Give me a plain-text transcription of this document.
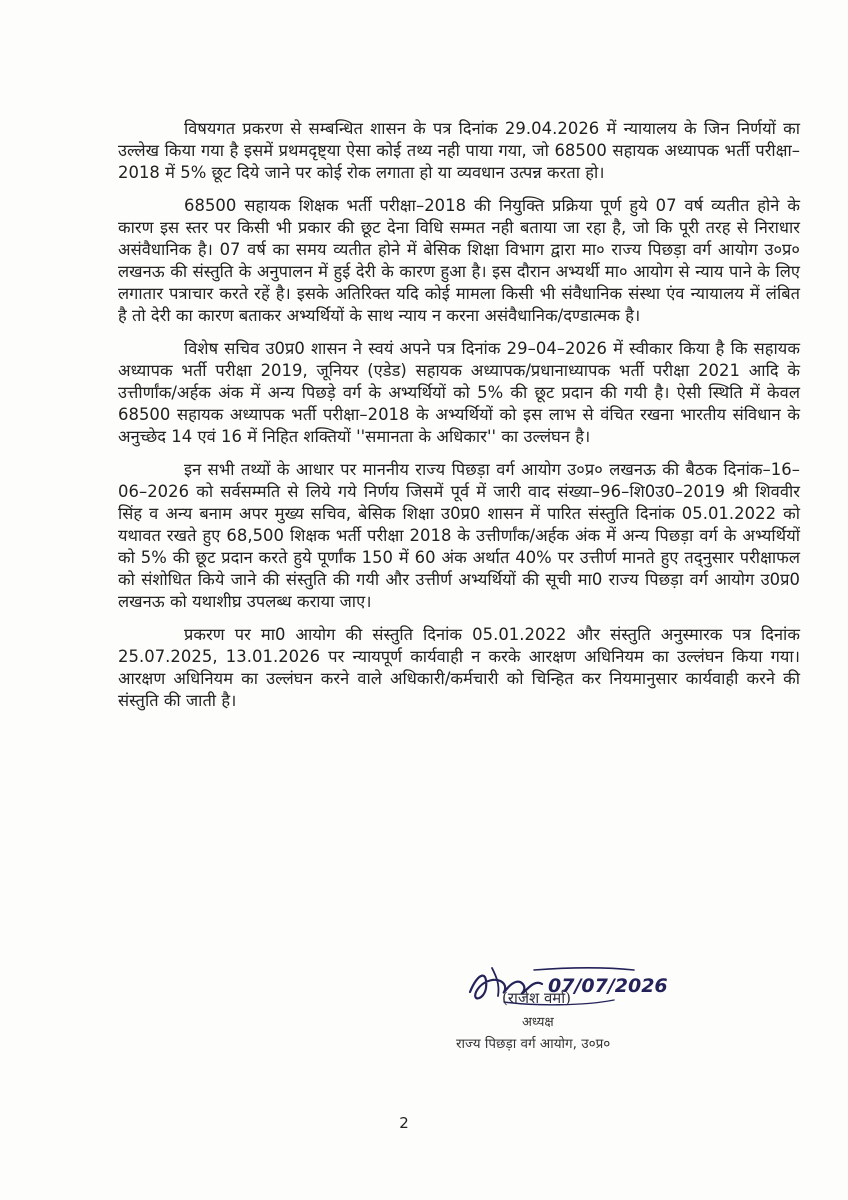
विषयगत प्रकरण से सम्बन्धित शासन के पत्र दिनांक 29.04.2026 में न्यायालय के जिन निर्णयों का उल्लेख किया गया है इसमें प्रथमदृष्ट्या ऐसा कोई तथ्य नही पाया गया, जो 68500 सहायक अध्यापक भर्ती परीक्षा–2018 में 5% छूट दिये जाने पर कोई रोक लगाता हो या व्यवधान उत्पन्न करता हो।

68500 सहायक शिक्षक भर्ती परीक्षा–2018 की नियुक्ति प्रक्रिया पूर्ण हुये 07 वर्ष व्यतीत होने के कारण इस स्तर पर किसी भी प्रकार की छूट देना विधि सम्मत नही बताया जा रहा है, जो कि पूरी तरह से निराधार असंवैधानिक है। 07 वर्ष का समय व्यतीत होने में बेसिक शिक्षा विभाग द्वारा मा० राज्य पिछड़ा वर्ग आयोग उ०प्र० लखनऊ की संस्तुति के अनुपालन में हुई देरी के कारण हुआ है। इस दौरान अभ्यर्थी मा० आयोग से न्याय पाने के लिए लगातार पत्राचार करते रहें है। इसके अतिरिक्त यदि कोई मामला किसी भी संवैधानिक संस्था एंव न्यायालय में लंबित है तो देरी का कारण बताकर अभ्यर्थियों के साथ न्याय न करना असंवैधानिक/दण्डात्मक है।

विशेष सचिव उ0प्र0 शासन ने स्वयं अपने पत्र दिनांक 29–04–2026 में स्वीकार किया है कि सहायक अध्यापक भर्ती परीक्षा 2019, जूनियर (एडेड) सहायक अध्यापक/प्रधानाध्यापक भर्ती परीक्षा 2021 आदि के उत्तीर्णांक/अर्हक अंक में अन्य पिछड़े वर्ग के अभ्यर्थियों को 5% की छूट प्रदान की गयी है। ऐसी स्थिति में केवल 68500 सहायक अध्यापक भर्ती परीक्षा–2018 के अभ्यर्थियों को इस लाभ से वंचित रखना भारतीय संविधान के अनुच्छेद 14 एवं 16 में निहित शक्तियों ''समानता के अधिकार'' का उल्लंघन है।

इन सभी तथ्यों के आधार पर माननीय राज्य पिछड़ा वर्ग आयोग उ०प्र० लखनऊ की बैठक दिनांक–16–06–2026 को सर्वसम्मति से लिये गये निर्णय जिसमें पूर्व में जारी वाद संख्या–96–शि0उ0–2019 श्री शिववीर सिंह व अन्य बनाम अपर मुख्य सचिव, बेसिक शिक्षा उ0प्र0 शासन में पारित संस्तुति दिनांक 05.01.2022 को यथावत रखते हुए 68,500 शिक्षक भर्ती परीक्षा 2018 के उत्तीर्णांक/अर्हक अंक में अन्य पिछड़ा वर्ग के अभ्यर्थियों को 5% की छूट प्रदान करते हुये पूर्णांक 150 में 60 अंक अर्थात 40% पर उत्तीर्ण मानते हुए तद्नुसार परीक्षाफल को संशोधित किये जाने की संस्तुति की गयी और उत्तीर्ण अभ्यर्थियों की सूची मा0 राज्य पिछड़ा वर्ग आयोग उ0प्र0 लखनऊ को यथाशीघ्र उपलब्ध कराया जाए।

प्रकरण पर मा0 आयोग की संस्तुति दिनांक 05.01.2022 और संस्तुति अनुस्मारक पत्र दिनांक 25.07.2025, 13.01.2026 पर न्यायपूर्ण कार्यवाही न करके आरक्षण अधिनियम का उल्लंघन किया गया। आरक्षण अधिनियम का उल्लंघन करने वाले अधिकारी/कर्मचारी को चिन्हित कर नियमानुसार कार्यवाही करने की संस्तुति की जाती है।

07/07/2026
(राजेश वर्मा)
अध्यक्ष
राज्य पिछड़ा वर्ग आयोग, उ०प्र०
2
